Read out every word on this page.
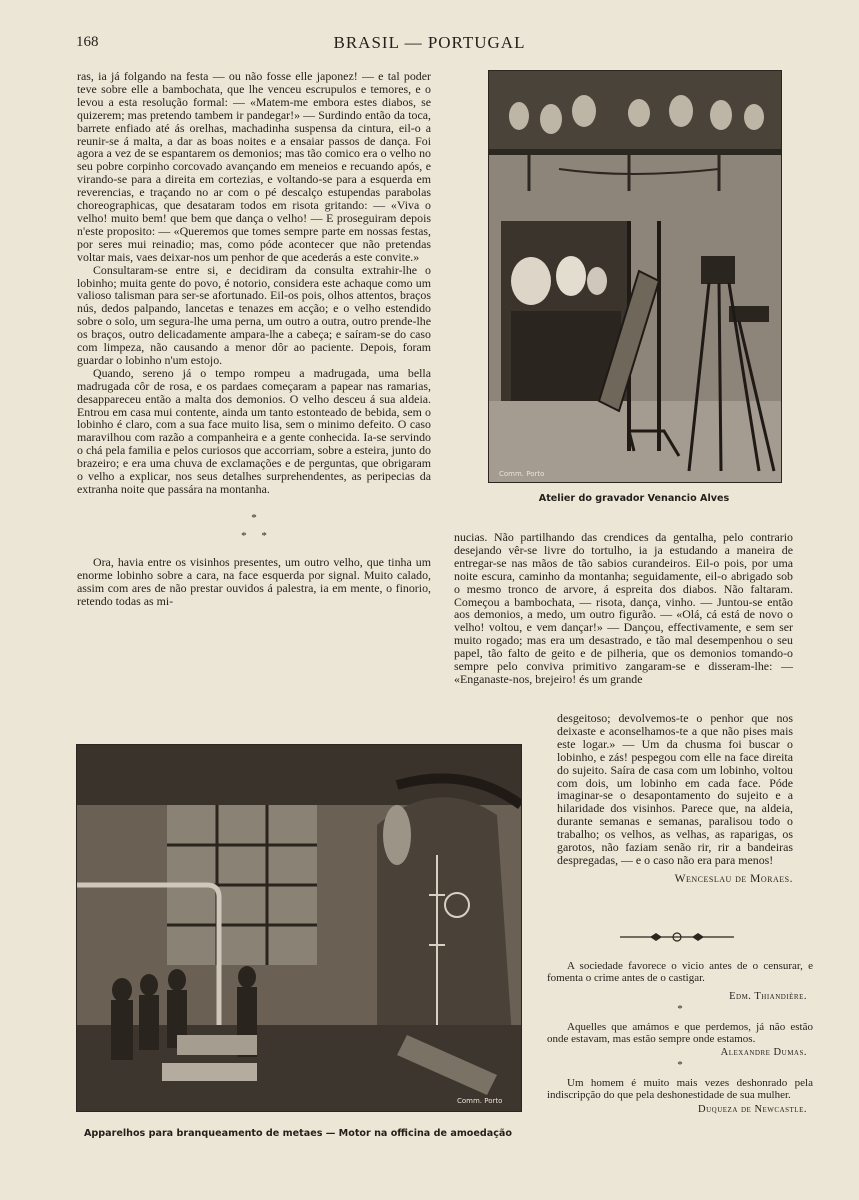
168	BRASIL — PORTUGAL

ras, ia já folgando na festa — ou não fosse elle japonez! — e tal poder teve sobre elle a bambochata, que lhe venceu escrupulos e temores, e o levou a esta resolução formal: — «Matem-me embora estes diabos, se quizerem; mas pretendo tambem ir pandegar!» — Surdindo então da toca, barrete enfiado até ás orelhas, machadinha suspensa da cintura, eil-o a reunir-se á malta, a dar as boas noites e a ensaiar passos de dança. Foi agora a vez de se espantarem os demonios; mas tão comico era o velho no seu pobre corpinho corcovado avançando em meneios e recuando após, e virando-se para a direita em cortezias, e voltando-se para a esquerda em reverencias, e traçando no ar com o pé descalço estupendas parabolas choreographicas, que desataram todos em risota gritando: — «Viva o velho! muito bem! que bem que dança o velho! — E proseguiram depois n'este proposito: — «Queremos que tomes sempre parte em nossas festas, por seres mui reinadio; mas, como póde acontecer que não pretendas voltar mais, vaes deixar-nos um penhor de que acederás a este convite.»

Consultaram-se entre si, e decidiram da consulta extrahir-lhe o lobinho; muita gente do povo, é notorio, considera este achaque como um valioso talisman para ser-se afortunado. Eil-os pois, olhos attentos, braços nús, dedos palpando, lancetas e tenazes em acção; e o velho estendido sobre o solo, um segura-lhe uma perna, um outro a outra, outro prende-lhe os braços, outro delicadamente ampara-lhe a cabeça; e saíram-se do caso com limpeza, não causando a menor dôr ao paciente. Depois, foram guardar o lobinho n'um estojo.

Quando, sereno já o tempo rompeu a madrugada, uma bella madrugada côr de rosa, e os pardaes começaram a papear nas ramarias, desappareceu então a malta dos demonios. O velho desceu á sua aldeia. Entrou em casa mui contente, ainda um tanto estonteado de bebida, sem o lobinho é claro, com a sua face muito lisa, sem o minimo defeito. O caso maravilhou com razão a companheira e a gente conhecida. Ia-se servindo o chá pela familia e pelos curiosos que accorriam, sobre a esteira, junto do brazeiro; e era uma chuva de exclamações e de perguntas, que obrigaram o velho a explicar, nos seus detalhes surprehendentes, as peripecias da extranha noite que passára na montanha.

*
* *

Ora, havia entre os visinhos presentes, um outro velho, que tinha um enorme lobinho sobre a cara, na face esquerda por signal. Muito calado, assim com ares de não prestar ouvidos á palestra, ia em mente, o finorio, retendo todas as mi-

Comm. Porto
Atelier do gravador Venancio Alves

nucias. Não partilhando das crendices da gentalha, pelo contrario desejando vêr-se livre do tortulho, ia ja estudando a maneira de entregar-se nas mãos de tão sabios curandeiros. Eil-o pois, por uma noite escura, caminho da montanha; seguidamente, eil-o abrigado sob o mesmo tronco de arvore, á espreita dos diabos. Não faltaram. Começou a bambochata, — risota, dança, vinho. — Juntou-se então aos demonios, a medo, um outro figurão. — «Olá, cá está de novo o velho! voltou, e vem dançar!» — Dançou, effectivamente, e sem ser muito rogado; mas era um desastrado, e tão mal desempenhou o seu papel, tão falto de geito e de pilheria, que os demonios tomando-o sempre pelo conviva primitivo zangaram-se e disseram-lhe: — «Enganaste-nos, brejeiro! és um grande

desgeitoso; devolvemos-te o penhor que nos deixaste e aconselhamos-te a que não pises mais este logar.» — Um da chusma foi buscar o lobinho, e zás! pespegou com elle na face direita do sujeito. Saíra de casa com um lobinho, voltou com dois, um lobinho em cada face. Póde imaginar-se o desapontamento do sujeito e a hilaridade dos visinhos. Parece que, na aldeia, durante semanas e semanas, paralisou todo o trabalho; os velhos, as velhas, as raparigas, os garotos, não faziam senão rir, rir a bandeiras despregadas, — e o caso não era para menos!

Wenceslau de Moraes.

A sociedade favorece o vicio antes de o censurar, e fomenta o crime antes de o castigar.

Edm. Thiandière.
*

Aquelles que amámos e que perdemos, já não estão onde estavam, mas estão sempre onde estamos.

Alexandre Dumas.
*

Um homem é muito mais vezes deshonrado pela indiscripção do que pela deshonestidade de sua mulher.

Duqueza de Newcastle.
Comm. Porto
Apparelhos para branqueamento de metaes — Motor na officina de amoedação
